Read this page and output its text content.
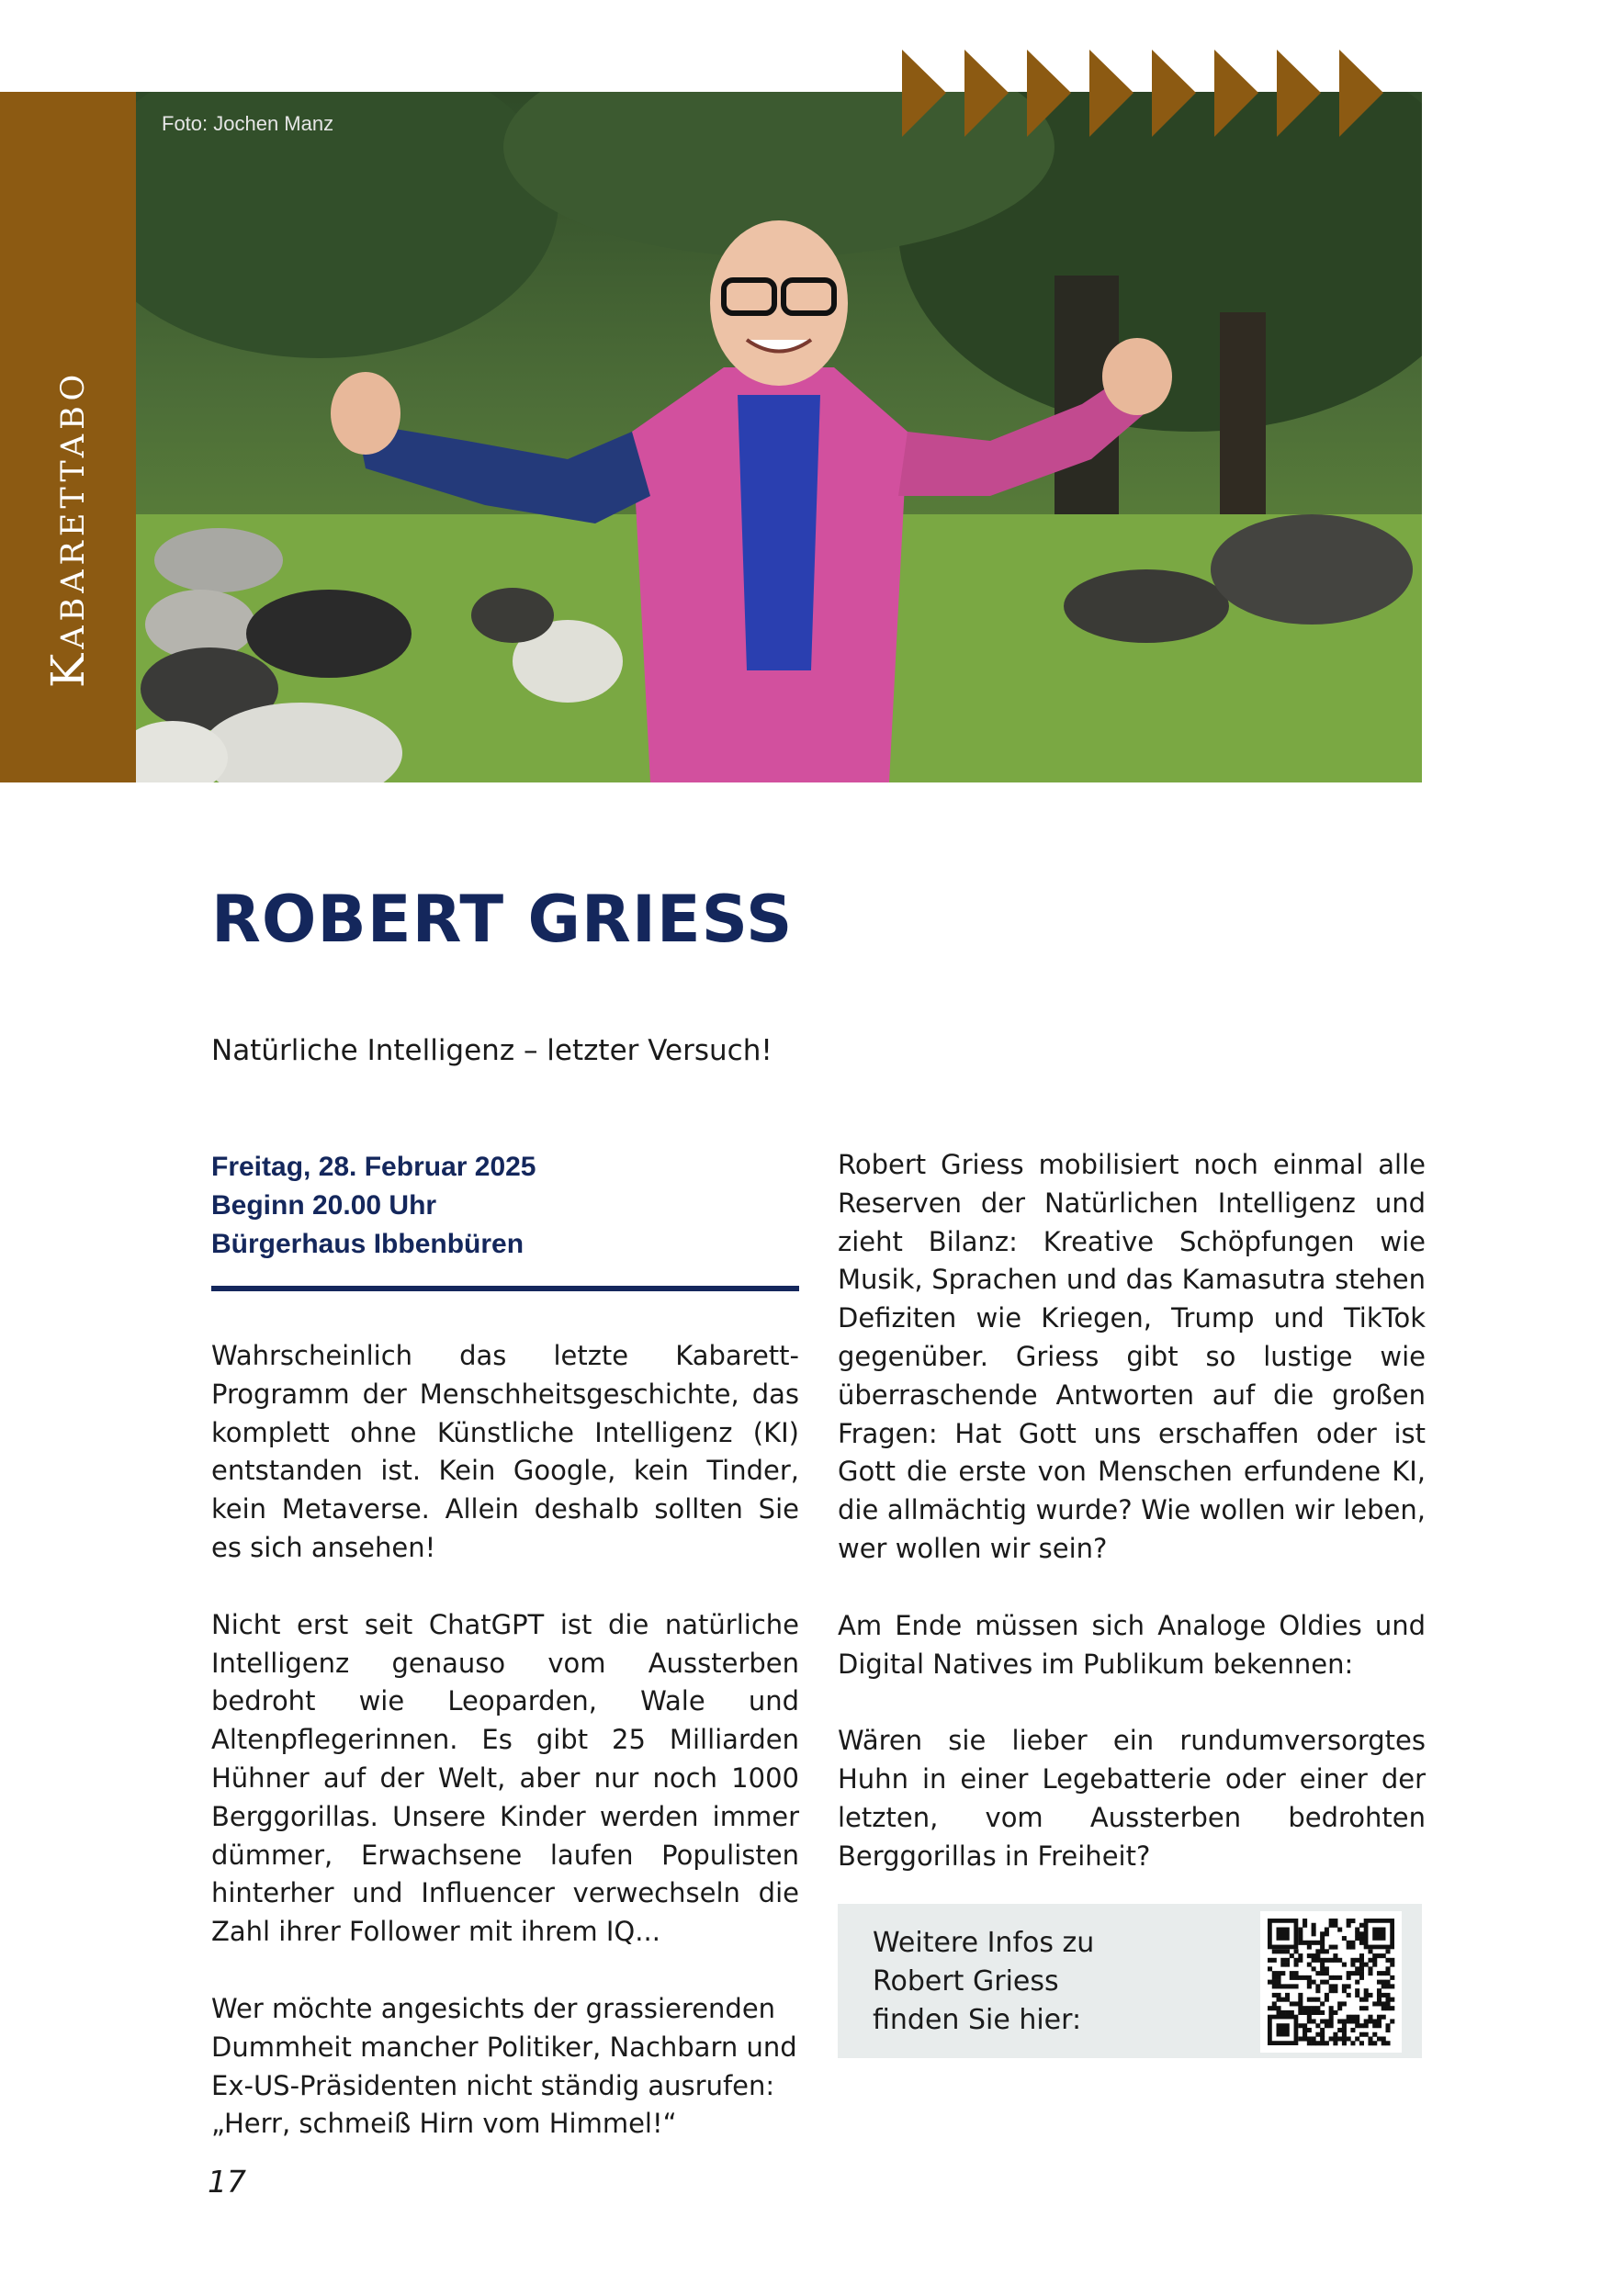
Kabarettabo
Foto: Jochen Manz
ROBERT GRIESS
Natürliche Intelligenz – letzter Versuch!
Freitag, 28. Februar 2025
Beginn 20.00 Uhr
Bürgerhaus Ibbenbüren

Wahrscheinlich das letzte Kabarett-Programm der Menschheitsgeschichte, das komplett ohne Künstliche Intelligenz (KI) entstanden ist. Kein Google, kein Tinder, kein Metaverse. Allein deshalb sollten Sie es sich ansehen!

Nicht erst seit ChatGPT ist die natürliche Intelligenz genauso vom Aussterben bedroht wie Leoparden, Wale und Altenpflegerinnen. Es gibt 25 Milliarden Hühner auf der Welt, aber nur noch 1000 Berggorillas. Unsere Kinder werden immer dümmer, Erwachsene laufen Populisten hinterher und Influencer verwechseln die Zahl ihrer Follower mit ihrem IQ...

Wer möchte angesichts der grassierenden Dummheit mancher Politiker, Nachbarn und Ex-US-Präsidenten nicht ständig ausrufen: „Herr, schmeiß Hirn vom Himmel!“

Robert Griess mobilisiert noch einmal alle Reserven der Natürlichen Intelligenz und zieht Bilanz: Kreative Schöpfungen wie Musik, Sprachen und das Kamasutra stehen Defiziten wie Kriegen, Trump und TikTok gegenüber. Griess gibt so lustige wie überraschende Antworten auf die großen Fragen: Hat Gott uns erschaffen oder ist Gott die erste von Menschen erfundene KI, die allmächtig wurde? Wie wollen wir leben, wer wollen wir sein?

Am Ende müssen sich Analoge Oldies und Digital Natives im Publikum bekennen:

Wären sie lieber ein rundumversorgtes Huhn in einer Legebatterie oder einer der letzten, vom Aussterben bedrohten Berggorillas in Freiheit?

Weitere Infos zu
Robert Griess
finden Sie hier:
17
